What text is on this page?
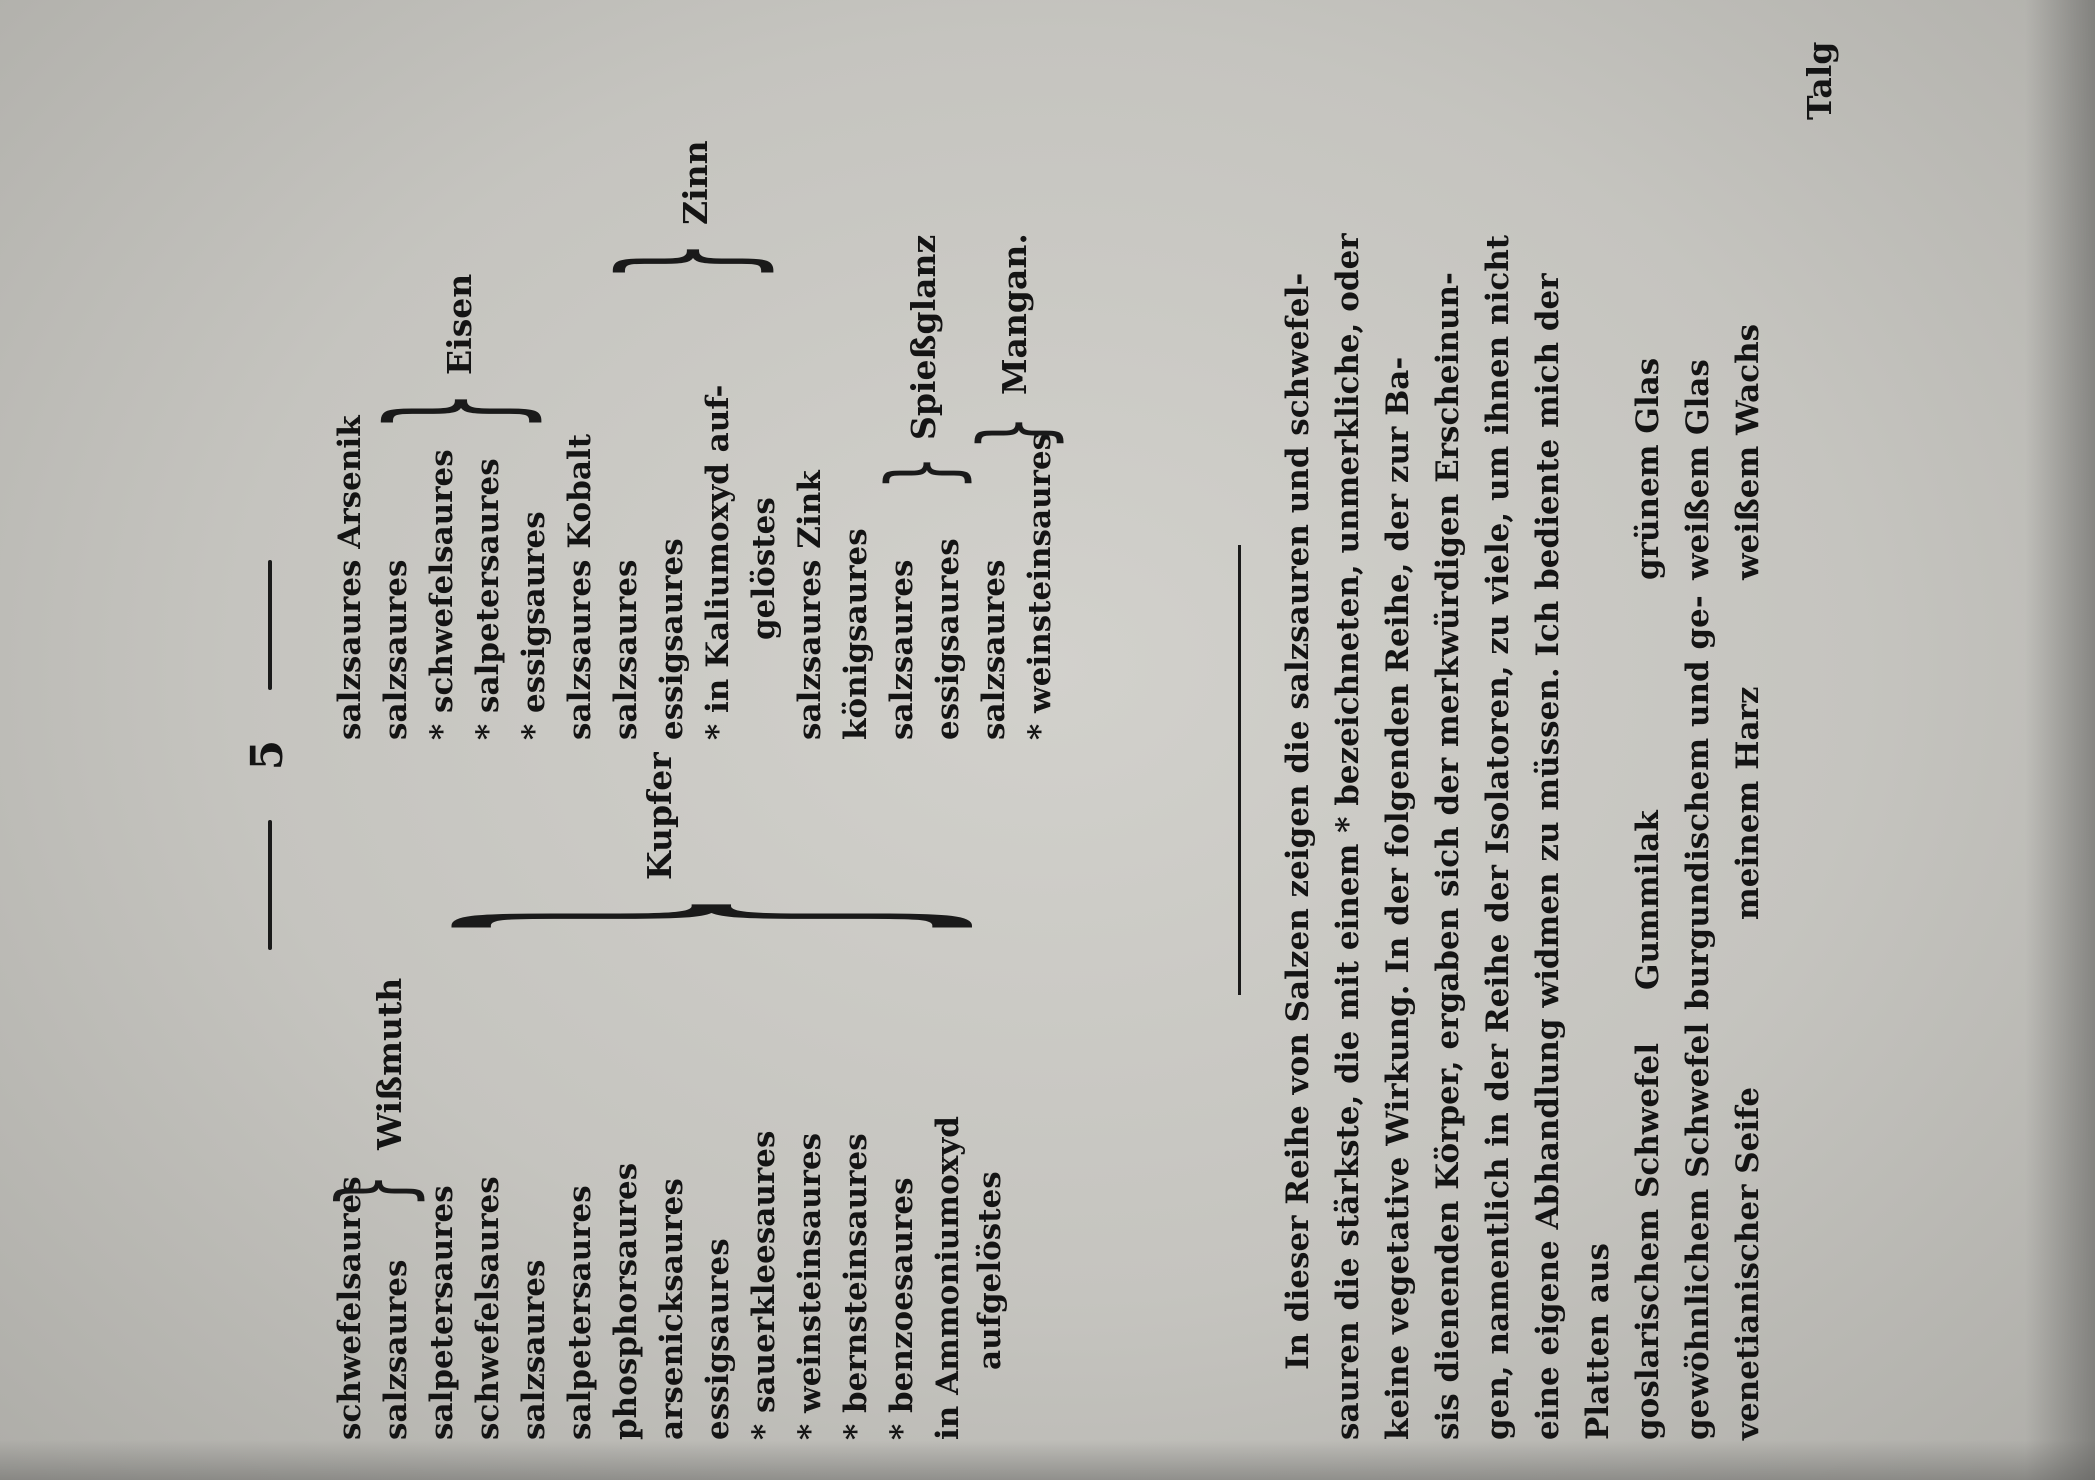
5
schwefelsaures salzsaures salpetersaures schwefelsaures salzsaures salpetersaures phosphorsaures arsenicksaures essigsaures * sauerkleesaures * weinsteinsaures * bernsteinsaures * benzoesaures in Ammoniumoxyd aufgelöstes
}
Wißmuth
}
Kupfer
salzsaures Arsenik salzsaures * schwefelsaures * salpetersaures * essigsaures salzsaures Kobalt salzsaures essigsaures * in Kaliumoxyd auf- gelöstes salzsaures Zink königsaures salzsaures essigsaures salzsaures * weinsteinsaures
}
Eisen
}
Zinn
}
Spießglanz }
Mangan.	In dieser Reihe von Salzen zeigen die salzsauren und schwefel- sauren die stärkste, die mit einem * bezeichneten, unmerkliche, oder keine vegetative Wirkung. In der folgenden Reihe, der zur Ba- sis dienenden Körper, ergaben sich der merkwürdigen Erscheinun- gen, namentlich in der Reihe der Isolatoren, zu viele, um ihnen nicht eine eigene Abhandlung widmen zu müssen. Ich bediente mich der Platten aus goslarischem Schwefel gewöhnlichem Schwefel venetianischer Seife
Gummilak burgundischem und ge- meinem Harz
grünem Glas weißem Glas weißem Wachs
Talg
